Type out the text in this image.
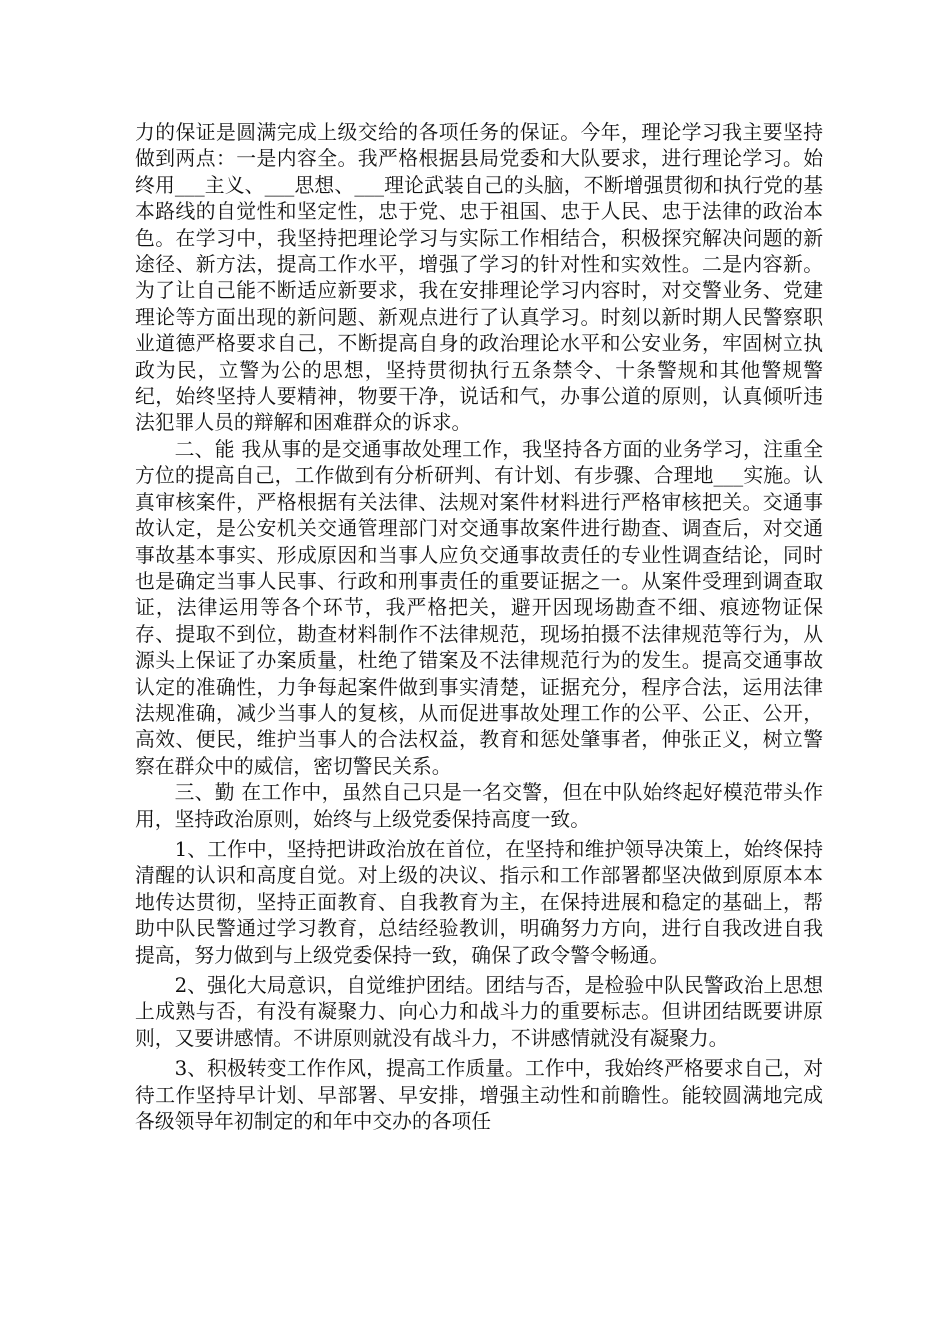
力的保证是圆满完成上级交给的各项任务的保证。今年，理论学习我主要坚持做到两点：一是内容全。我严格根据县局党委和大队要求，进行理论学习。始终用___主义、___思想、___理论武装自己的头脑，不断增强贯彻和执行党的基本路线的自觉性和坚定性，忠于党、忠于祖国、忠于人民、忠于法律的政治本色。在学习中，我坚持把理论学习与实际工作相结合，积极探究解决问题的新途径、新方法，提高工作水平，增强了学习的针对性和实效性。二是内容新。为了让自己能不断适应新要求，我在安排理论学习内容时，对交警业务、党建理论等方面出现的新问题、新观点进行了认真学习。时刻以新时期人民警察职业道德严格要求自己，不断提高自身的政治理论水平和公安业务，牢固树立执政为民，立警为公的思想，坚持贯彻执行五条禁令、十条警规和其他警规警纪，始终坚持人要精神，物要干净，说话和气，办事公道的原则，认真倾听违法犯罪人员的辩解和困难群众的诉求。

二、能 我从事的是交通事故处理工作，我坚持各方面的业务学习，注重全方位的提高自己，工作做到有分析研判、有计划、有步骤、合理地___实施。认真审核案件，严格根据有关法律、法规对案件材料进行严格审核把关。交通事故认定，是公安机关交通管理部门对交通事故案件进行勘查、调查后，对交通事故基本事实、形成原因和当事人应负交通事故责任的专业性调查结论，同时也是确定当事人民事、行政和刑事责任的重要证据之一。从案件受理到调查取证，法律运用等各个环节，我严格把关，避开因现场勘查不细、痕迹物证保存、提取不到位，勘查材料制作不法律规范，现场拍摄不法律规范等行为，从源头上保证了办案质量，杜绝了错案及不法律规范行为的发生。提高交通事故认定的准确性，力争每起案件做到事实清楚，证据充分，程序合法，运用法律法规准确，减少当事人的复核，从而促进事故处理工作的公平、公正、公开，高效、便民，维护当事人的合法权益，教育和惩处肇事者，伸张正义，树立警察在群众中的威信，密切警民关系。

三、勤 在工作中，虽然自己只是一名交警，但在中队始终起好模范带头作用，坚持政治原则，始终与上级党委保持高度一致。

1、工作中，坚持把讲政治放在首位，在坚持和维护领导决策上，始终保持清醒的认识和高度自觉。对上级的决议、指示和工作部署都坚决做到原原本本地传达贯彻，坚持正面教育、自我教育为主，在保持进展和稳定的基础上，帮助中队民警通过学习教育，总结经验教训，明确努力方向，进行自我改进自我提高，努力做到与上级党委保持一致，确保了政令警令畅通。

2、强化大局意识，自觉维护团结。团结与否，是检验中队民警政治上思想上成熟与否，有没有凝聚力、向心力和战斗力的重要标志。但讲团结既要讲原则，又要讲感情。不讲原则就没有战斗力，不讲感情就没有凝聚力。

3、积极转变工作作风，提高工作质量。工作中，我始终严格要求自己，对待工作坚持早计划、早部署、早安排，增强主动性和前瞻性。能较圆满地完成各级领导年初制定的和年中交办的各项任
